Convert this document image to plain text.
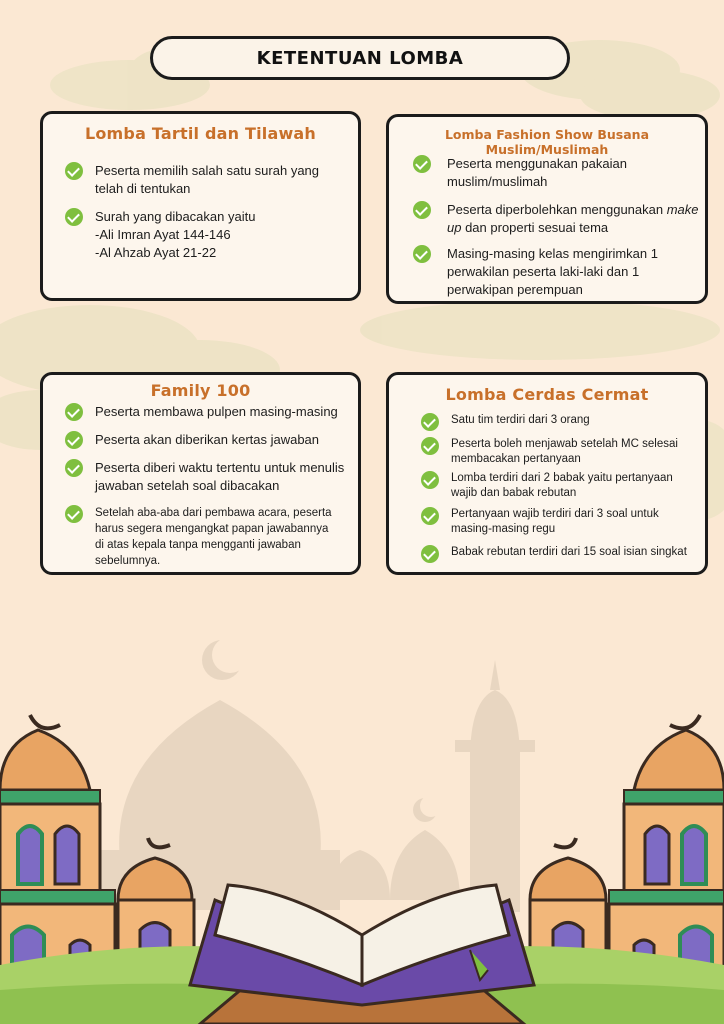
KETENTUAN LOMBA
Lomba Tartil dan Tilawah
Peserta memilih salah satu surah yang
telah di tentukan
Surah yang dibacakan yaitu
-Ali Imran Ayat 144-146
-Al Ahzab Ayat 21-22
Lomba Fashion Show Busana Muslim/Muslimah
Peserta menggunakan pakaian
muslim/muslimah
Peserta diperbolehkan menggunakan make
up dan properti sesuai tema
Masing-masing kelas mengirimkan 1
perwakilan peserta laki-laki dan 1
perwakipan perempuan
Family 100
Peserta membawa pulpen masing-masing
Peserta akan diberikan kertas jawaban
Peserta diberi waktu tertentu untuk menulis
jawaban setelah soal dibacakan
Setelah aba-aba dari pembawa acara, peserta
harus segera mengangkat papan jawabannya
di atas kepala tanpa mengganti jawaban
sebelumnya.
Lomba Cerdas Cermat
Satu tim terdiri dari 3 orang
Peserta boleh menjawab setelah MC selesai
membacakan pertanyaan
Lomba terdiri dari 2 babak yaitu pertanyaan
wajib dan babak rebutan
Pertanyaan wajib terdiri dari 3 soal untuk
masing-masing regu
Babak rebutan terdiri dari 15 soal isian singkat
